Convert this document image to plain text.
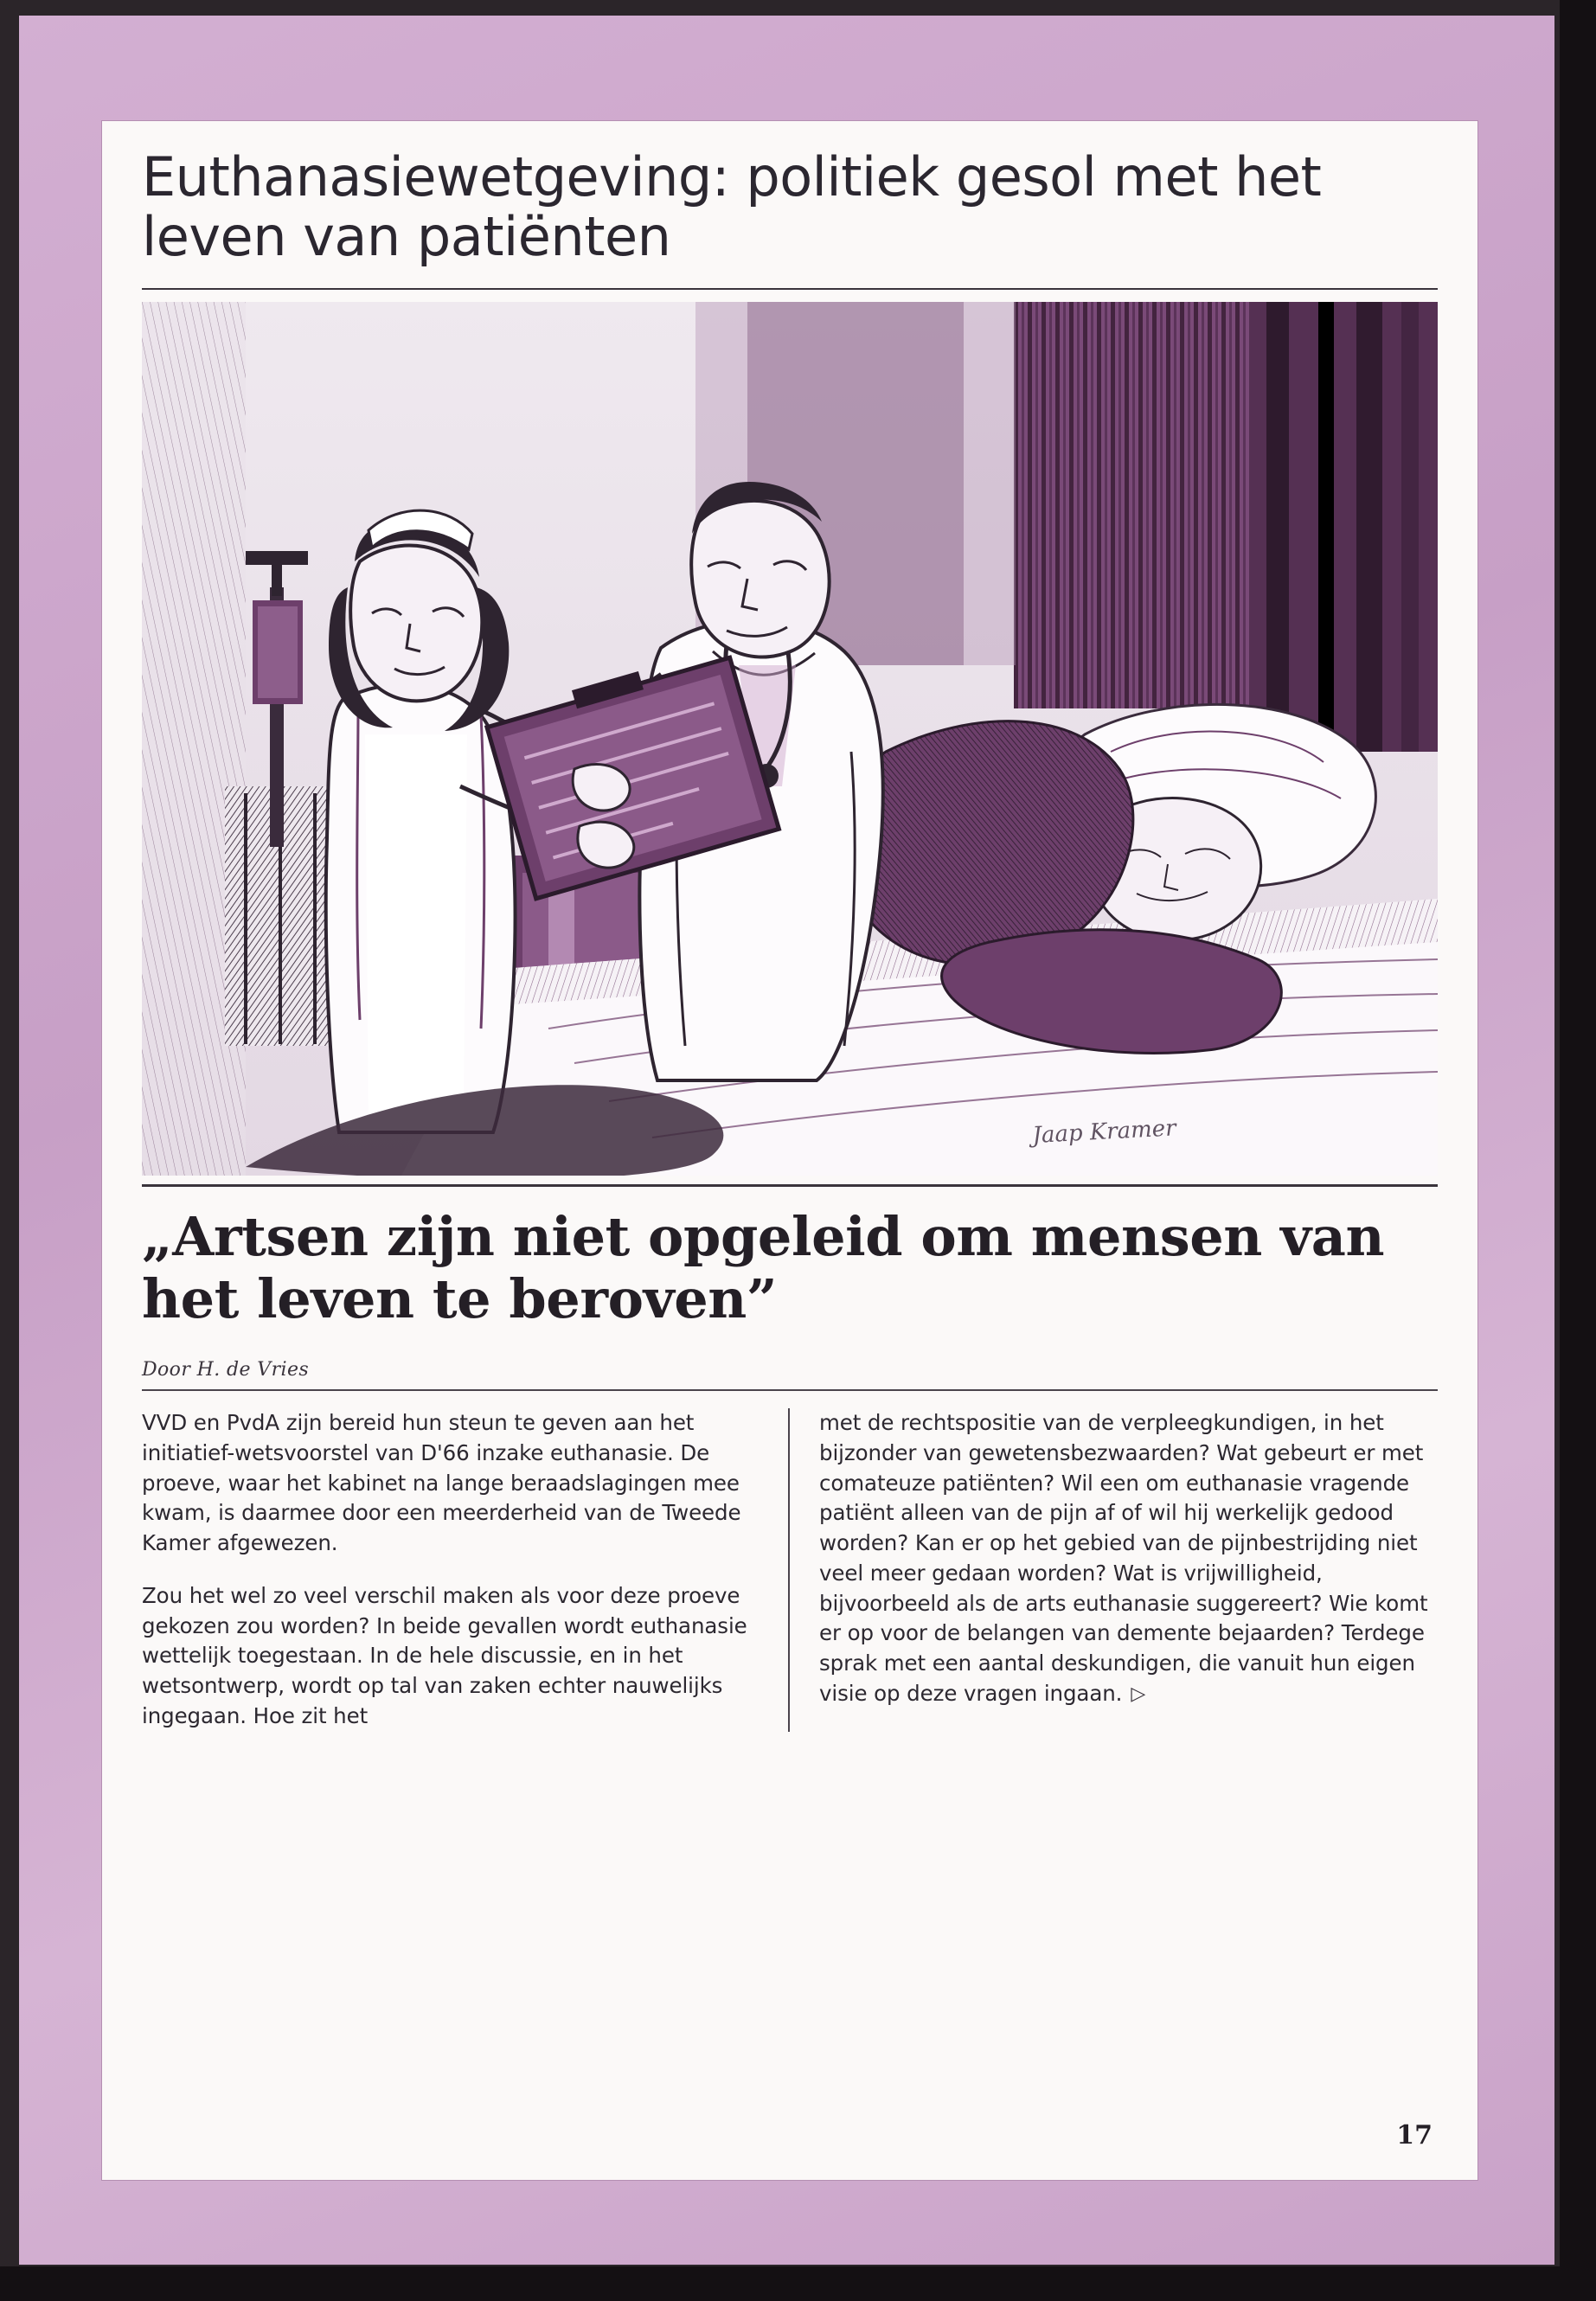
Euthanasiewetgeving: politiek gesol met het leven van patiënten
Jaap Kramer
„Artsen zijn niet opgeleid om mensen van het leven te beroven”
Door H. de Vries

VVD en PvdA zijn bereid hun steun te geven aan het initiatief-wetsvoorstel van D'66 inzake euthanasie. De proeve, waar het kabinet na lange beraadslagingen mee kwam, is daarmee door een meerderheid van de Tweede Kamer afgewezen.

Zou het wel zo veel verschil maken als voor deze proeve gekozen zou worden? In beide gevallen wordt euthanasie wettelijk toegestaan. In de hele discussie, en in het wetsontwerp, wordt op tal van zaken echter nauwelijks ingegaan. Hoe zit het

met de rechtspositie van de verpleegkundigen, in het bijzonder van gewetensbezwaarden? Wat gebeurt er met comateuze patiënten? Wil een om euthanasie vragende patiënt alleen van de pijn af of wil hij werkelijk gedood worden? Kan er op het gebied van de pijnbestrijding niet veel meer gedaan worden? Wat is vrijwilligheid, bijvoorbeeld als de arts euthanasie suggereert? Wie komt er op voor de belangen van demente bejaarden? Terdege sprak met een aantal deskundigen, die vanuit hun eigen visie op deze vragen ingaan. ▷

17
